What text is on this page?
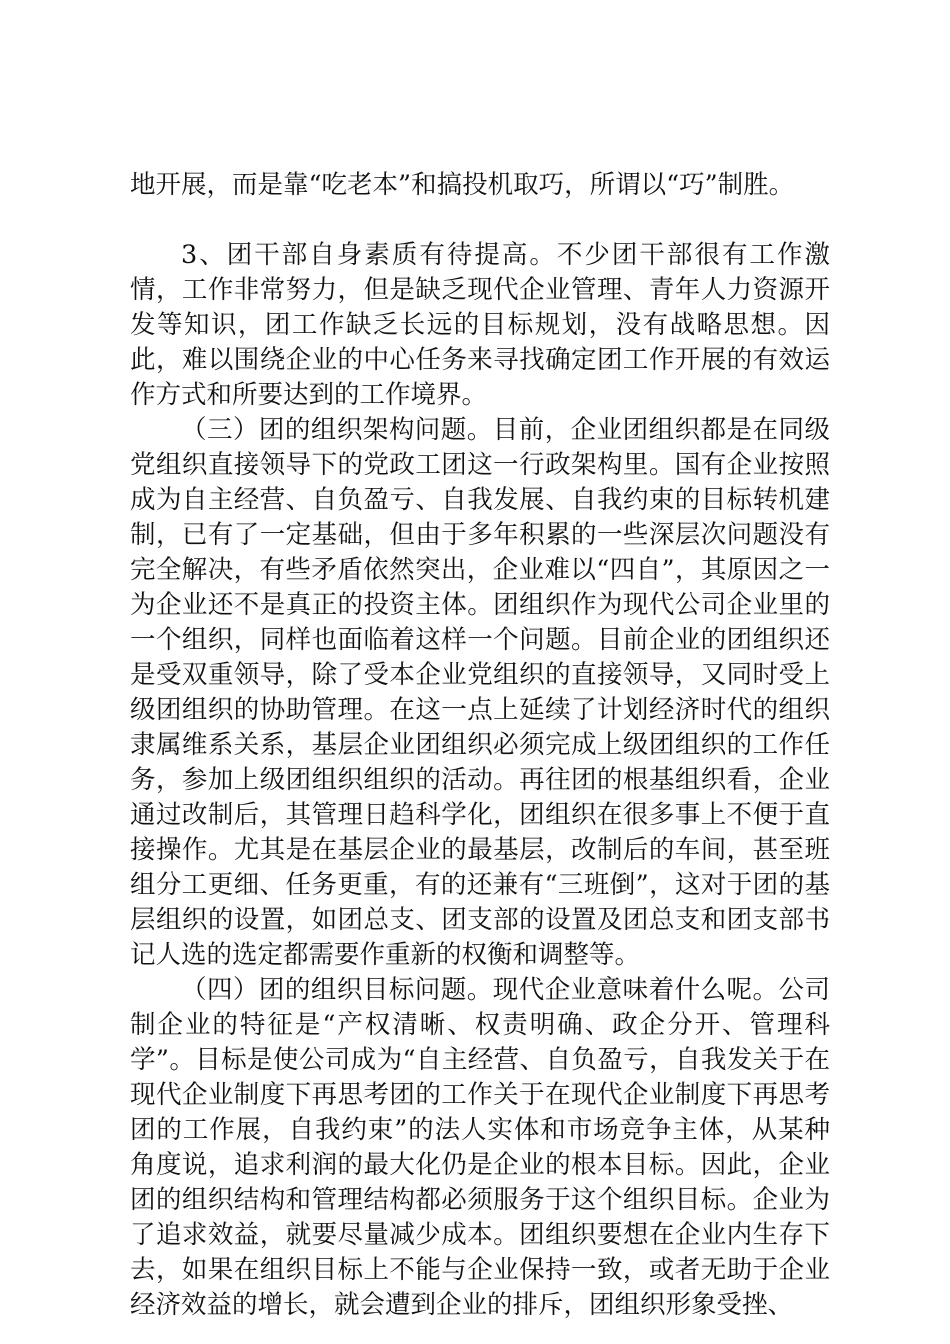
地开展，而是靠“吃老本”和搞投机取巧，所谓以“巧”制胜。

3、团干部自身素质有待提高。不少团干部很有工作激情，工作非常努力，但是缺乏现代企业管理、青年人力资源开发等知识，团工作缺乏长远的目标规划，没有战略思想。因此，难以围绕企业的中心任务来寻找确定团工作开展的有效运作方式和所要达到的工作境界。

（三）团的组织架构问题。目前，企业团组织都是在同级党组织直接领导下的党政工团这一行政架构里。国有企业按照成为自主经营、自负盈亏、自我发展、自我约束的目标转机建制，已有了一定基础，但由于多年积累的一些深层次问题没有完全解决，有些矛盾依然突出，企业难以“四自”，其原因之一为企业还不是真正的投资主体。团组织作为现代公司企业里的一个组织，同样也面临着这样一个问题。目前企业的团组织还是受双重领导，除了受本企业党组织的直接领导，又同时受上级团组织的协助管理。在这一点上延续了计划经济时代的组织隶属维系关系，基层企业团组织必须完成上级团组织的工作任务，参加上级团组织组织的活动。再往团的根基组织看，企业通过改制后，其管理日趋科学化，团组织在很多事上不便于直接操作。尤其是在基层企业的最基层，改制后的车间，甚至班组分工更细、任务更重，有的还兼有“三班倒”，这对于团的基层组织的设置，如团总支、团支部的设置及团总支和团支部书记人选的选定都需要作重新的权衡和调整等。

（四）团的组织目标问题。现代企业意味着什么呢。公司制企业的特征是“产权清晰、权责明确、政企分开、管理科学”。目标是使公司成为“自主经营、自负盈亏，自我发关于在现代企业制度下再思考团的工作关于在现代企业制度下再思考团的工作展，自我约束”的法人实体和市场竞争主体，从某种角度说，追求利润的最大化仍是企业的根本目标。因此，企业团的组织结构和管理结构都必须服务于这个组织目标。企业为了追求效益，就要尽量减少成本。团组织要想在企业内生存下去，如果在组织目标上不能与企业保持一致，或者无助于企业经济效益的增长，就会遭到企业的排斥，团组织形象受挫、
